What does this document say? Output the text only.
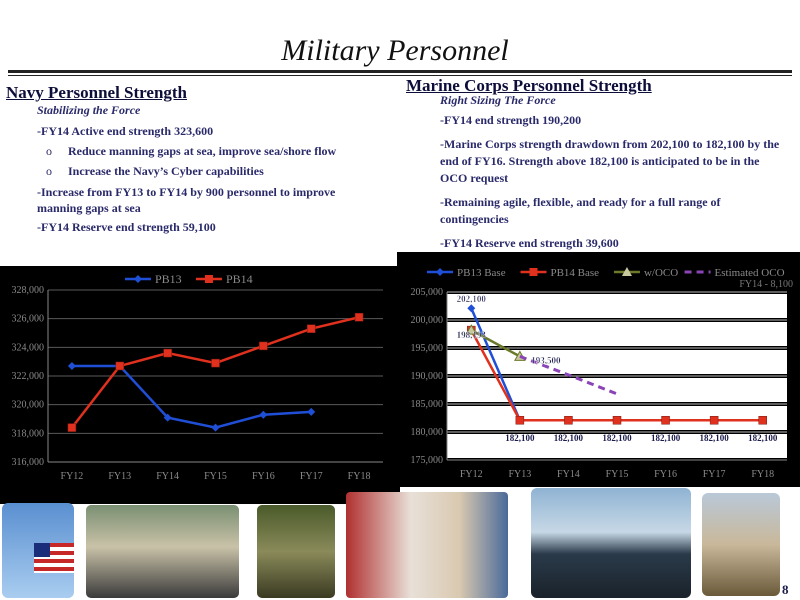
Military Personnel
Navy Personnel Strength
Stabilizing the Force
-FY14 Active end strength 323,600
o Reduce manning gaps at sea, improve sea/shore flow
o Increase the Navy’s Cyber capabilities
-Increase from FY13 to FY14 by 900 personnel to improve
manning gaps at sea
-FY14 Reserve end strength 59,100
Marine Corps Personnel Strength
Right Sizing The Force
-FY14 end strength 190,200
-Marine Corps strength drawdown from 202,100 to 182,100 by the
end of FY16. Strength above 182,100 is anticipated to be in the
OCO request
-Remaining agile, flexible, and ready for a full range of
contingencies
-FY14 Reserve end strength 39,600
316,000
318,000
320,000
322,000
324,000
326,000
328,000
FY12	FY13	FY14	FY15	FY16	FY17	FY18
PB13	PB14
175,000
180,000
185,000
190,000
195,000
200,000
205,000
FY12	FY13	FY14	FY15	FY16	FY17	FY18
PB13 Base	PB14 Base	w/OCO	Estimated OCO
202,100
198,193
193,500
182,100 182,100 182,100 182,100 182,100 182,100
FY14 - 8,100
8
